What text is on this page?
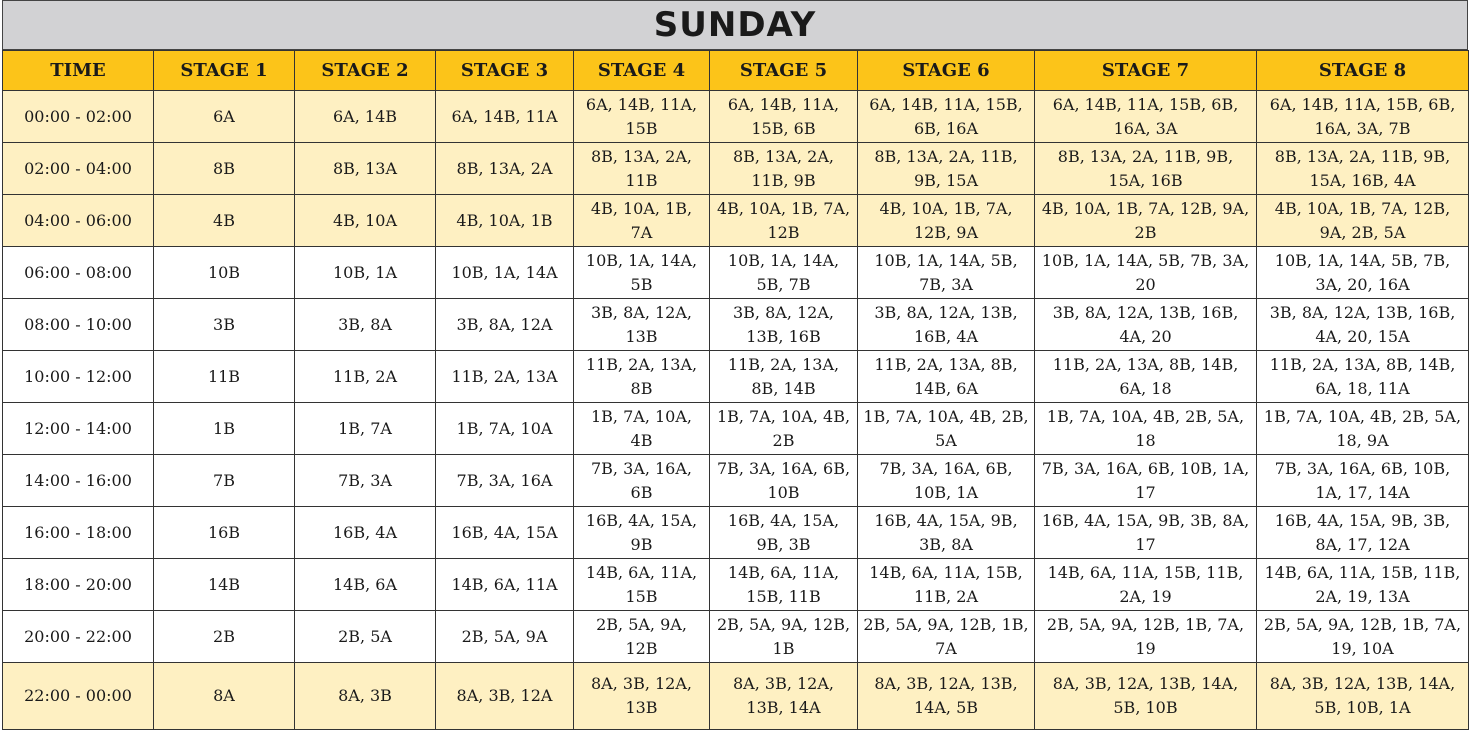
SUNDAY
TIME	STAGE 1	STAGE 2	STAGE 3	STAGE 4	STAGE 5	STAGE 6	STAGE 7	STAGE 8
00:00 - 02:00	6A	6A, 14B	6A, 14B, 11A	6A, 14B, 11A, 15B	6A, 14B, 11A, 15B, 6B	6A, 14B, 11A, 15B, 6B, 16A	6A, 14B, 11A, 15B, 6B, 16A, 3A	6A, 14B, 11A, 15B, 6B, 16A, 3A, 7B
02:00 - 04:00	8B	8B, 13A	8B, 13A, 2A	8B, 13A, 2A, 11B	8B, 13A, 2A, 11B, 9B	8B, 13A, 2A, 11B, 9B, 15A	8B, 13A, 2A, 11B, 9B, 15A, 16B	8B, 13A, 2A, 11B, 9B, 15A, 16B, 4A
04:00 - 06:00	4B	4B, 10A	4B, 10A, 1B	4B, 10A, 1B, 7A	4B, 10A, 1B, 7A, 12B	4B, 10A, 1B, 7A, 12B, 9A	4B, 10A, 1B, 7A, 12B, 9A, 2B	4B, 10A, 1B, 7A, 12B, 9A, 2B, 5A
06:00 - 08:00	10B	10B, 1A	10B, 1A, 14A	10B, 1A, 14A, 5B	10B, 1A, 14A, 5B, 7B	10B, 1A, 14A, 5B, 7B, 3A	10B, 1A, 14A, 5B, 7B, 3A, 20	10B, 1A, 14A, 5B, 7B, 3A, 20, 16A
08:00 - 10:00	3B	3B, 8A	3B, 8A, 12A	3B, 8A, 12A, 13B	3B, 8A, 12A, 13B, 16B	3B, 8A, 12A, 13B, 16B, 4A	3B, 8A, 12A, 13B, 16B, 4A, 20	3B, 8A, 12A, 13B, 16B, 4A, 20, 15A
10:00 - 12:00	11B	11B, 2A	11B, 2A, 13A	11B, 2A, 13A, 8B	11B, 2A, 13A, 8B, 14B	11B, 2A, 13A, 8B, 14B, 6A	11B, 2A, 13A, 8B, 14B, 6A, 18	11B, 2A, 13A, 8B, 14B, 6A, 18, 11A
12:00 - 14:00	1B	1B, 7A	1B, 7A, 10A	1B, 7A, 10A, 4B	1B, 7A, 10A, 4B, 2B	1B, 7A, 10A, 4B, 2B, 5A	1B, 7A, 10A, 4B, 2B, 5A, 18	1B, 7A, 10A, 4B, 2B, 5A, 18, 9A
14:00 - 16:00	7B	7B, 3A	7B, 3A, 16A	7B, 3A, 16A, 6B	7B, 3A, 16A, 6B, 10B	7B, 3A, 16A, 6B, 10B, 1A	7B, 3A, 16A, 6B, 10B, 1A, 17	7B, 3A, 16A, 6B, 10B, 1A, 17, 14A
16:00 - 18:00	16B	16B, 4A	16B, 4A, 15A	16B, 4A, 15A, 9B	16B, 4A, 15A, 9B, 3B	16B, 4A, 15A, 9B, 3B, 8A	16B, 4A, 15A, 9B, 3B, 8A, 17	16B, 4A, 15A, 9B, 3B, 8A, 17, 12A
18:00 - 20:00	14B	14B, 6A	14B, 6A, 11A	14B, 6A, 11A, 15B	14B, 6A, 11A, 15B, 11B	14B, 6A, 11A, 15B, 11B, 2A	14B, 6A, 11A, 15B, 11B, 2A, 19	14B, 6A, 11A, 15B, 11B, 2A, 19, 13A
20:00 - 22:00	2B	2B, 5A	2B, 5A, 9A	2B, 5A, 9A, 12B	2B, 5A, 9A, 12B, 1B	2B, 5A, 9A, 12B, 1B, 7A	2B, 5A, 9A, 12B, 1B, 7A, 19	2B, 5A, 9A, 12B, 1B, 7A, 19, 10A
22:00 - 00:00	8A	8A, 3B	8A, 3B, 12A	8A, 3B, 12A, 13B	8A, 3B, 12A, 13B, 14A	8A, 3B, 12A, 13B, 14A, 5B	8A, 3B, 12A, 13B, 14A, 5B, 10B	8A, 3B, 12A, 13B, 14A, 5B, 10B, 1A
